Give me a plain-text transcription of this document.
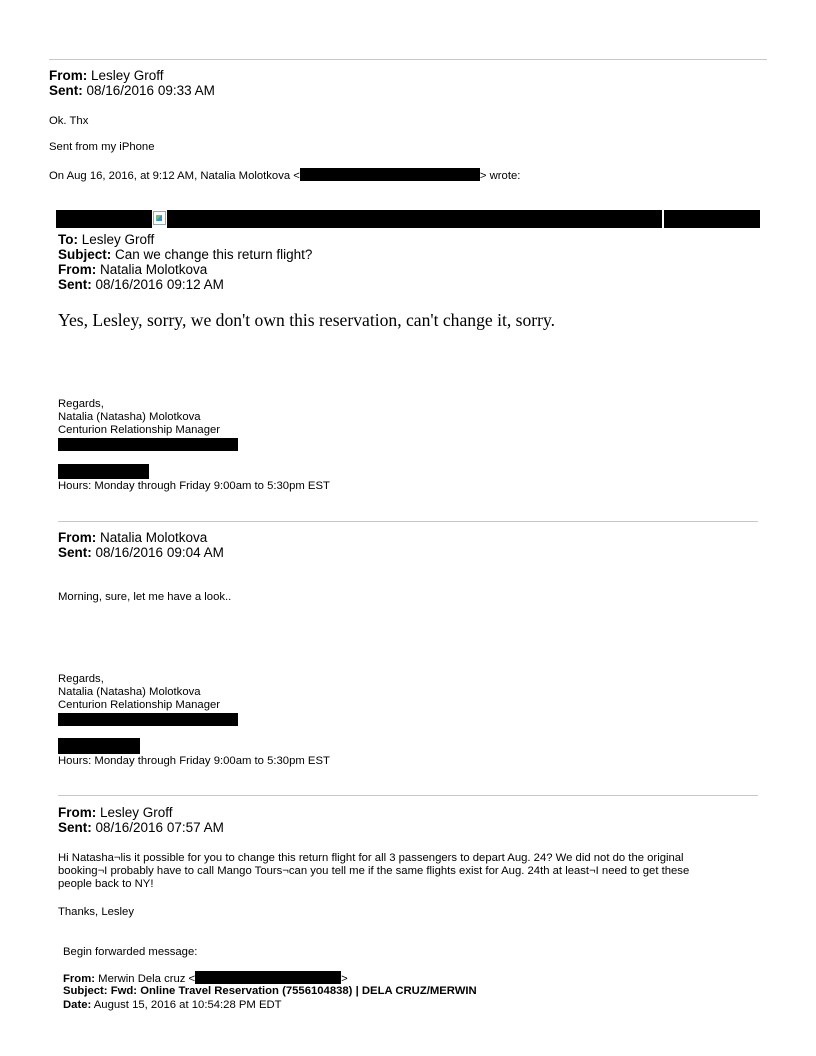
From: Lesley Groff
Sent: 08/16/2016 09:33 AM
Ok. Thx
Sent from my iPhone
On Aug 16, 2016, at 9:12 AM, Natalia Molotkova <	> wrote:
To: Lesley Groff
Subject: Can we change this return flight?
From: Natalia Molotkova
Sent: 08/16/2016 09:12 AM
Yes, Lesley, sorry, we don't own this reservation, can't change it, sorry.
Regards,
Natalia (Natasha) Molotkova
Centurion Relationship Manager
Hours: Monday through Friday 9:00am to 5:30pm EST
From: Natalia Molotkova
Sent: 08/16/2016 09:04 AM
Morning, sure, let me have a look..
Regards,
Natalia (Natasha) Molotkova
Centurion Relationship Manager
Hours: Monday through Friday 9:00am to 5:30pm EST
From: Lesley Groff
Sent: 08/16/2016 07:57 AM
Hi Natasha¬lis it possible for you to change this return flight for all 3 passengers to depart Aug. 24? We did not do the original
booking¬I probably have to call Mango Tours¬can you tell me if the same flights exist for Aug. 24th at least¬I need to get these
people back to NY!
Thanks, Lesley
Begin forwarded message:
From: Merwin Dela cruz <	>
Subject: Fwd: Online Travel Reservation (7556104838) | DELA CRUZ/MERWIN
Date: August 15, 2016 at 10:54:28 PM EDT
